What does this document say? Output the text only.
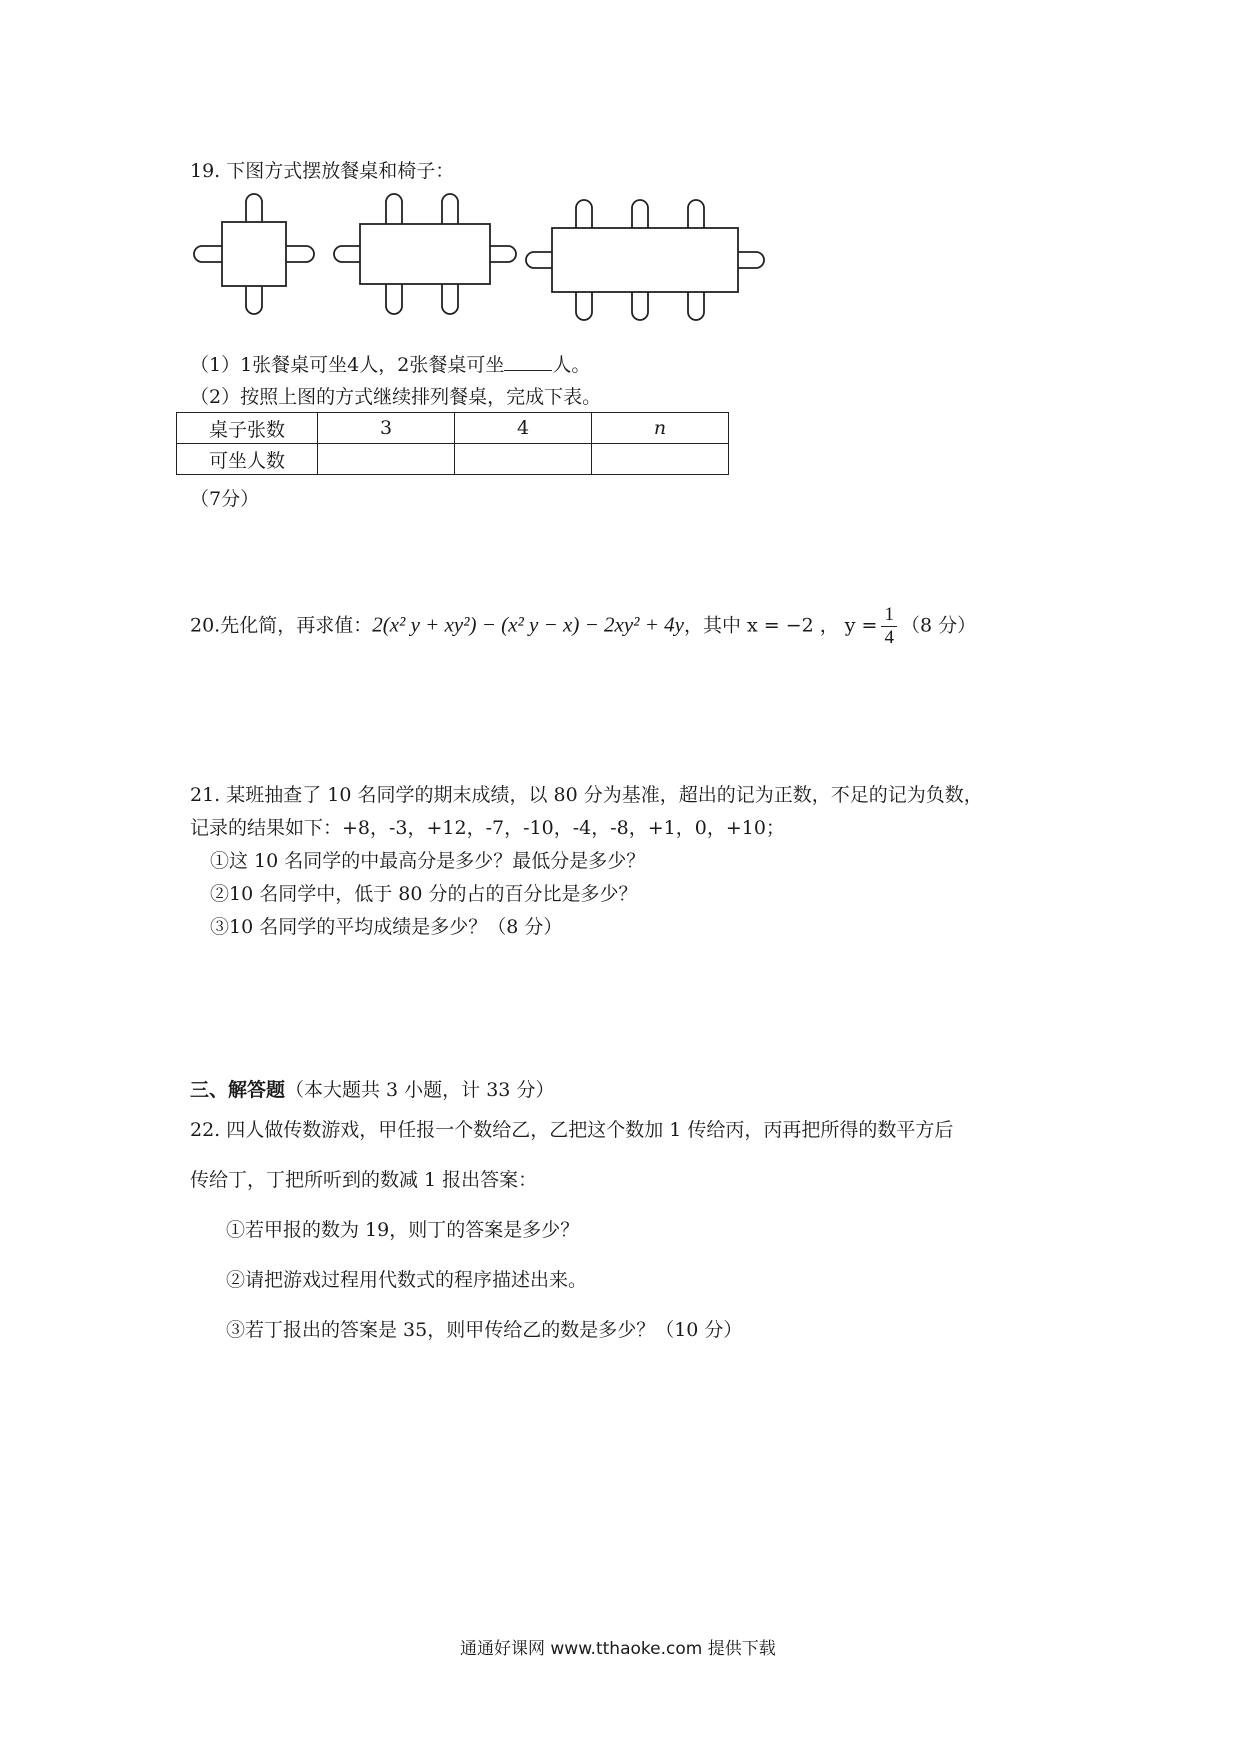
19. 下图方式摆放餐桌和椅子：
（1）1张餐桌可坐4人，2张餐桌可坐	人。
（2）按照上图的方式继续排列餐桌，完成下表。
桌子张数	3	4	n
可坐人数			
（7分）
20.先化简，再求值：2(x² y + xy²) − (x² y − x) − 2xy² + 4y，其中 x = −2 ， $y = \frac{1}{4} (8$ 分）
21. 某班抽查了 10 名同学的期末成绩，以 80 分为基准，超出的记为正数，不足的记为负数，
记录的结果如下：+8，-3，+12，-7，-10，-4，-8，+1，0，+10；
①这 10 名同学的中最高分是多少？最低分是多少？
②10 名同学中，低于 80 分的占的百分比是多少？
③10 名同学的平均成绩是多少？（8 分）
三、解答题（本大题共 3 小题，计 33 分）
22. 四人做传数游戏，甲任报一个数给乙，乙把这个数加 1 传给丙，丙再把所得的数平方后
传给丁，丁把所听到的数减 1 报出答案：
①若甲报的数为 19，则丁的答案是多少？
②请把游戏过程用代数式的程序描述出来。
③若丁报出的答案是 35，则甲传给乙的数是多少？（10 分）
通通好课网 www.tthaoke.com 提供下载
